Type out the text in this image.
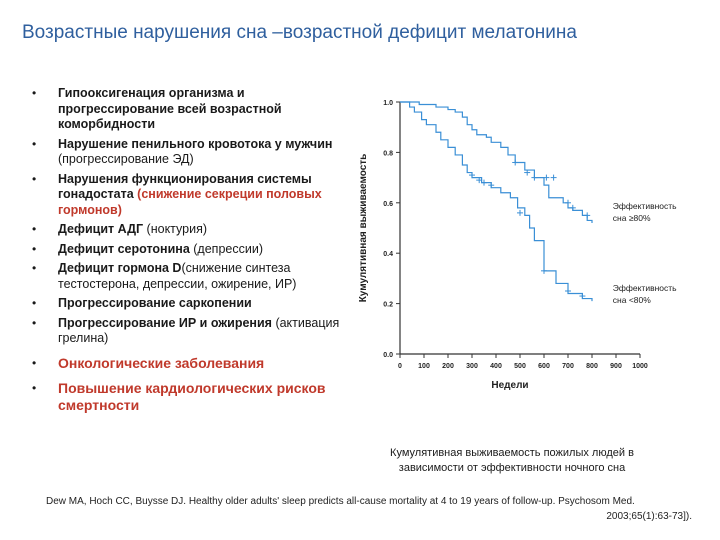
Возрастные нарушения сна –возрастной дефицит мелатонина
• Гипооксигенация организма и прогрессирование всей возрастной коморбидности
• Нарушение пенильного кровотока у мужчин (прогрессирование ЭД)
• Нарушения функционирования системы гонадостата (снижение секреции половых гормонов)
• Дефицит АДГ (ноктурия)
• Дефицит серотонина (депрессии)
• Дефицит гормона D(снижение синтеза тестостерона, депрессии, ожирение, ИР)
• Прогрессирование саркопении
• Прогрессирование ИР и ожирения (активация грелина)
• Онкологические заболевания
• Повышение кардиологических рисков смертности
0.0
0.2
0.4
0.6
0.8
1.0
0 100 200 300 400 500 600 700 800 900 1000
Кумулятивная выживаемость
Недели
Эффективность
сна ≥80%
Эффективность
сна <80%
Кумулятивная выживаемость пожилых людей в
зависимости от эффективности ночного сна
Dew MA, Hoch CC, Buysse DJ. Healthy older adults' sleep predicts all-cause mortality at 4 to 19 years of follow-up. Psychosom Med.
2003;65(1):63-73]).
